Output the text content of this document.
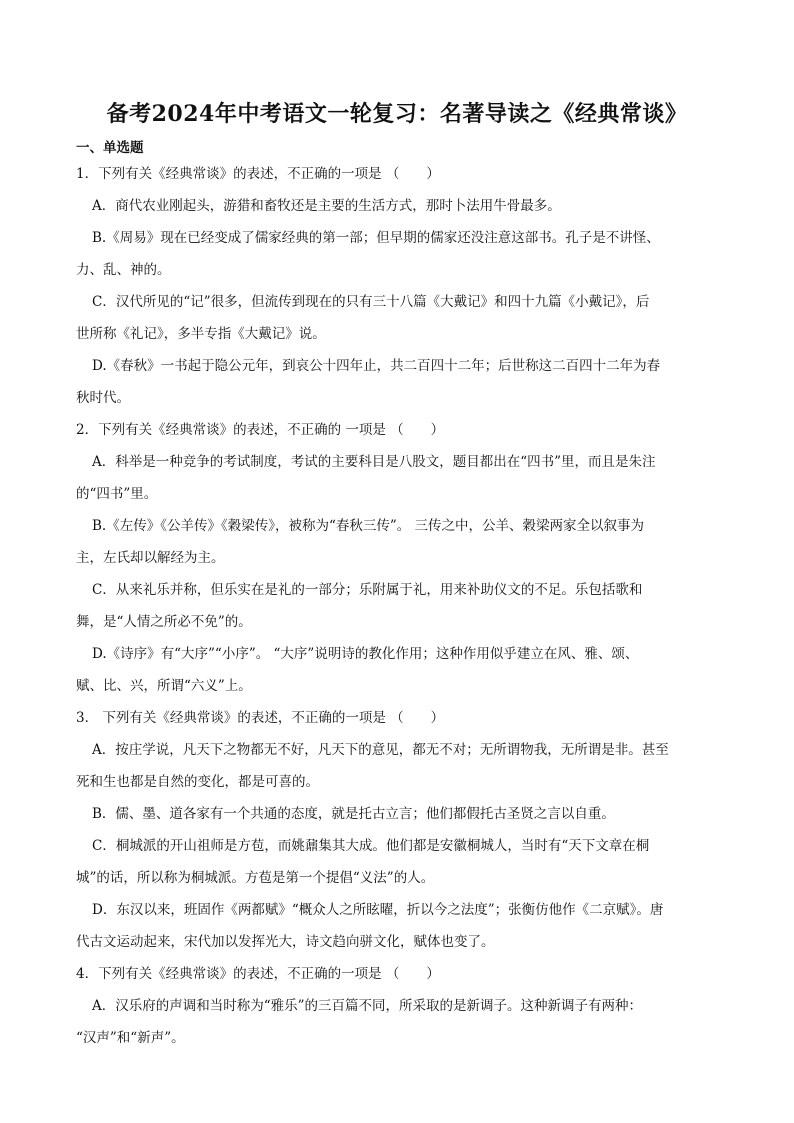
备考2024年中考语文一轮复习：名著导读之《经典常谈》
一、单选题
1．下列有关《经典常谈》的表述，不正确的一项是 （　　）
A．商代农业刚起头，游猎和畜牧还是主要的生活方式，那时卜法用牛骨最多。
B.《周易》现在已经变成了儒家经典的第一部；但早期的儒家还没注意这部书。孔子是不讲怪、
力、乱、神的。
C．汉代所见的“记”很多，但流传到现在的只有三十八篇《大戴记》和四十九篇《小戴记》，后
世所称《礼记》，多半专指《大戴记》说。
D.《春秋》一书起于隐公元年，到哀公十四年止，共二百四十二年；后世称这二百四十二年为春
秋时代。
2．下列有关《经典常谈》的表述，不正确的 一项是 （　　）
A．科举是一种竞争的考试制度，考试的主要科目是八股文，题目都出在“四书”里，而且是朱注
的“四书”里。
B.《左传》《公羊传》《穀梁传》，被称为“春秋三传”。 三传之中，公羊、穀梁两家全以叙事为
主，左氏却以解经为主。
C．从来礼乐并称，但乐实在是礼的一部分；乐附属于礼，用来补助仪文的不足。乐包括歌和
舞，是“人情之所必不免”的。
D.《诗序》有“大序”“小序”。 “大序”说明诗的教化作用；这种作用似乎建立在风、雅、颂、
赋、比、兴，所谓“六义”上。
3． 下列有关《经典常谈》的表述，不正确的一项是 （　　）
A．按庄学说，凡天下之物都无不好，凡天下的意见，都无不对；无所谓物我，无所谓是非。甚至
死和生也都是自然的变化，都是可喜的。
B．儒、墨、道各家有一个共通的态度，就是托古立言；他们都假托古圣贤之言以自重。
C．桐城派的开山祖师是方苞，而姚鼐集其大成。他们都是安徽桐城人，当时有“天下文章在桐
城”的话，所以称为桐城派。方苞是第一个提倡“义法”的人。
D．东汉以来，班固作《两都赋》“概众人之所眩曜，折以今之法度”；张衡仿他作《二京赋》。唐
代古文运动起来，宋代加以发挥光大，诗文趋向骈文化，赋体也变了。
4．下列有关《经典常谈》的表述，不正确的一项是 （　　）
A．汉乐府的声调和当时称为“雅乐”的三百篇不同，所采取的是新调子。这种新调子有两种：
“汉声”和“新声”。
